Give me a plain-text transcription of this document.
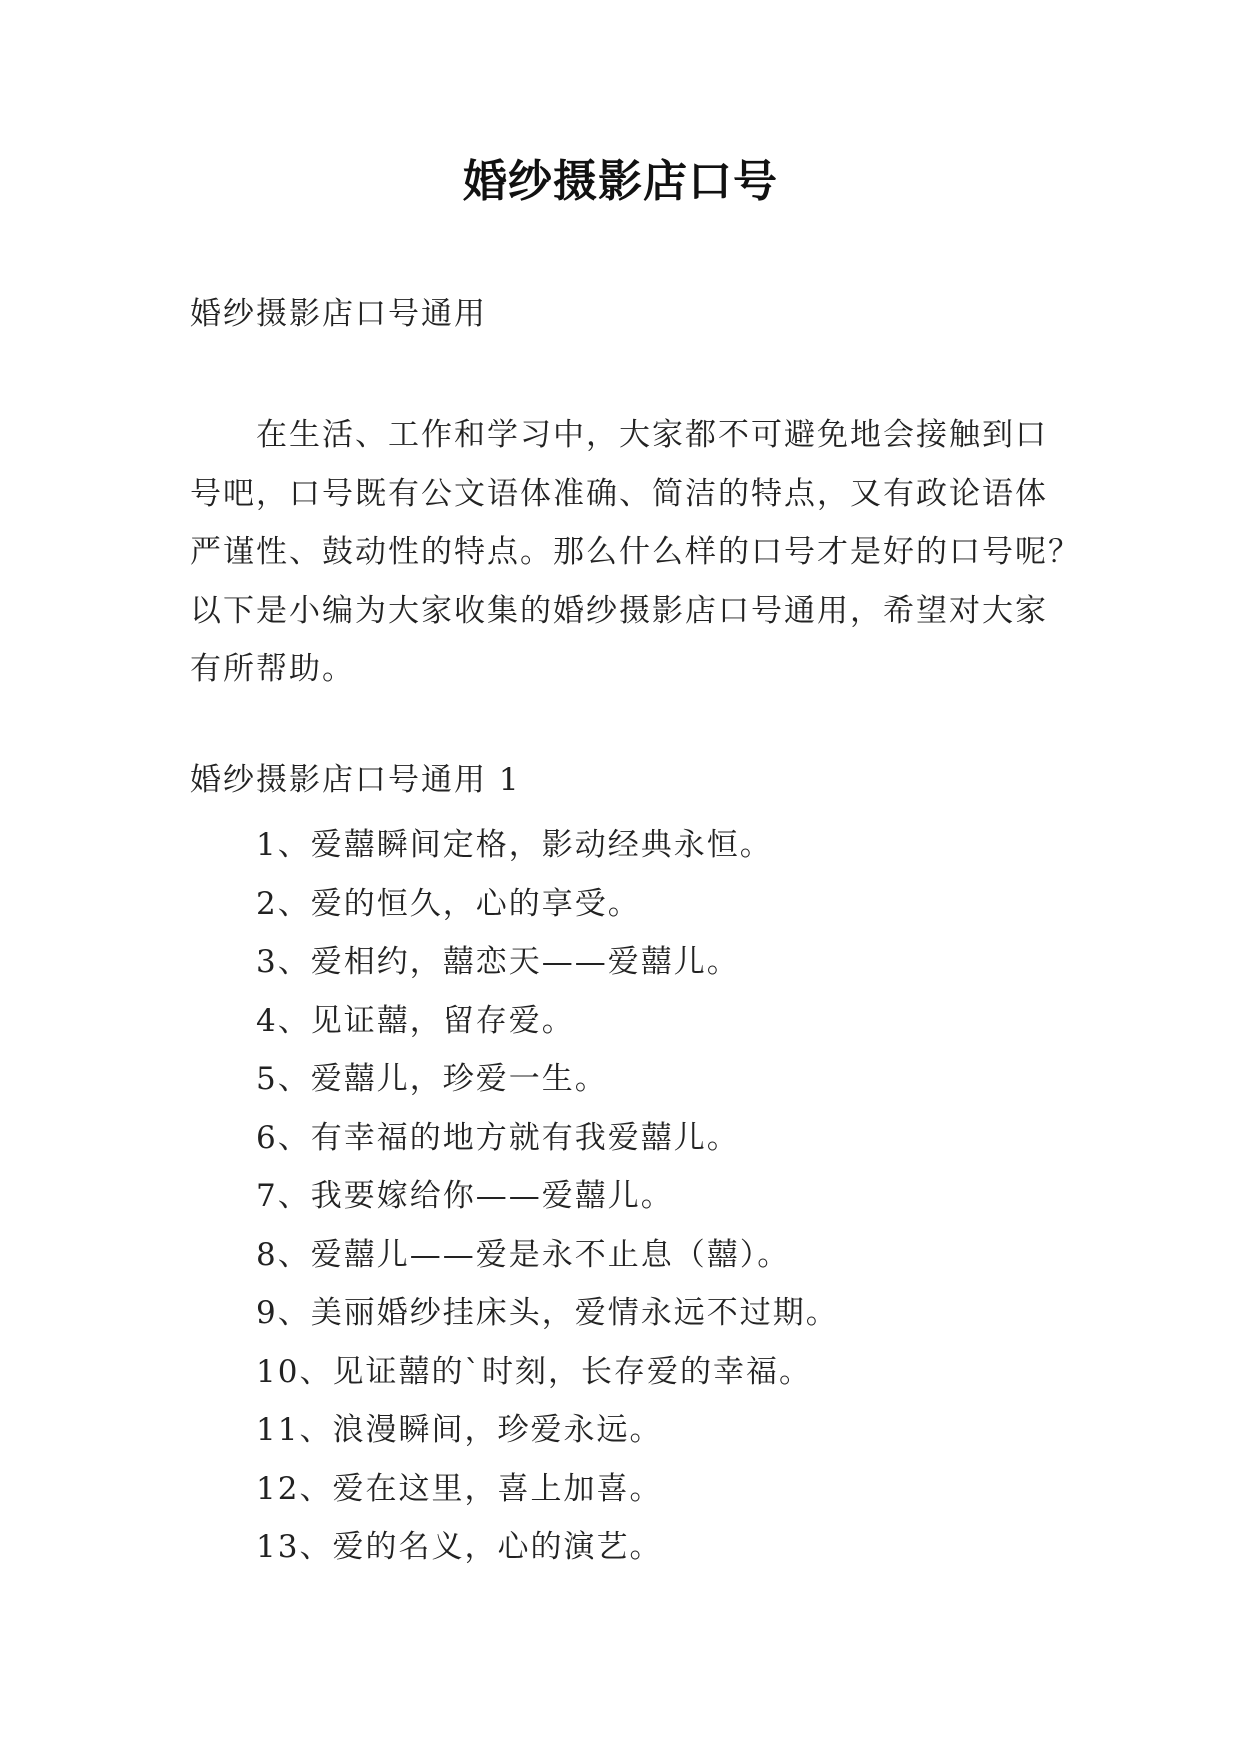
婚纱摄影店口号
婚纱摄影店口号通用

在生活、工作和学习中，大家都不可避免地会接触到口
号吧，口号既有公文语体准确、简洁的特点，又有政论语体
严谨性、鼓动性的特点。那么什么样的口号才是好的口号呢？
以下是小编为大家收集的婚纱摄影店口号通用，希望对大家
有所帮助。

婚纱摄影店口号通用 1
1、爱囍瞬间定格，影动经典永恒。
2、爱的恒久，心的享受。
3、爱相约，囍恋天——爱囍儿。
4、见证囍，留存爱。
5、爱囍儿，珍爱一生。
6、有幸福的地方就有我爱囍儿。
7、我要嫁给你——爱囍儿。
8、爱囍儿——爱是永不止息（囍）。
9、美丽婚纱挂床头，爱情永远不过期。
10、见证囍的`时刻，长存爱的幸福。
11、浪漫瞬间，珍爱永远。
12、爱在这里，喜上加喜。
13、爱的名义，心的演艺。
